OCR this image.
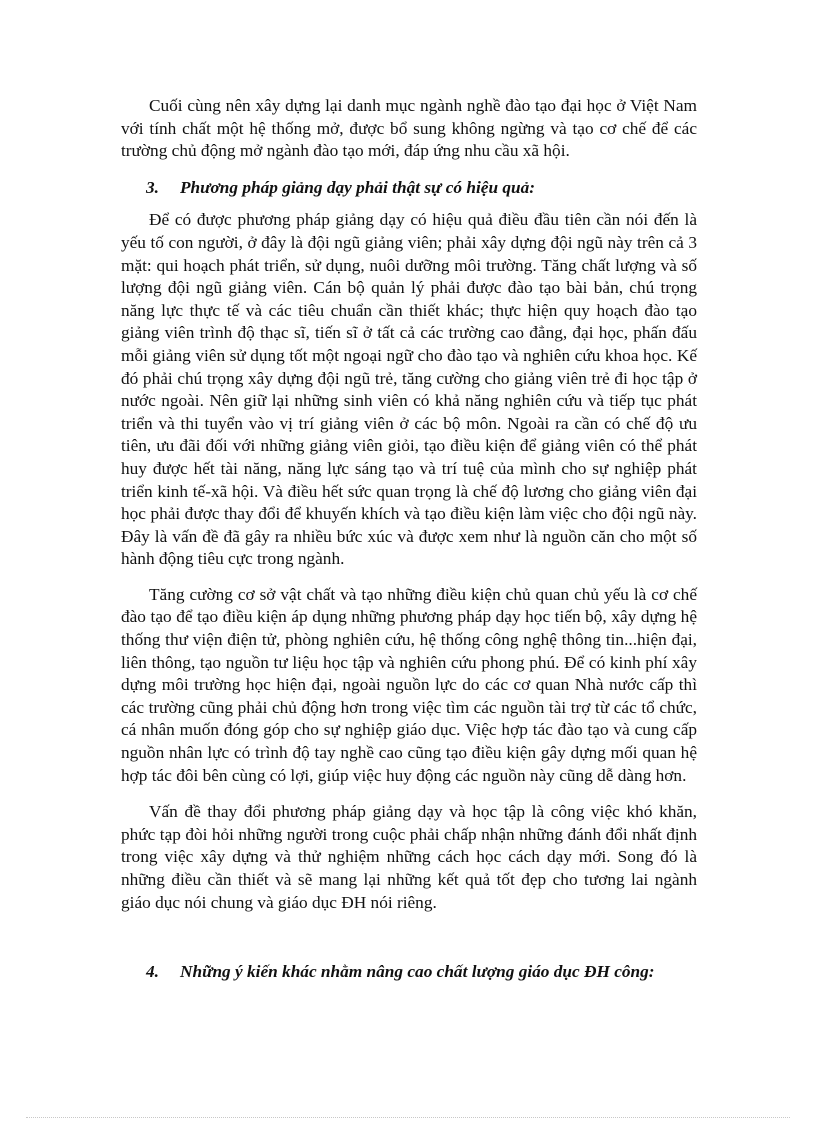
Cuối cùng nên xây dựng lại danh mục ngành nghề đào tạo đại học ở Việt Nam với tính chất một hệ thống mở, được bổ sung không ngừng và tạo cơ chế để các trường chủ động mở ngành đào tạo mới, đáp ứng nhu cầu xã hội.

3. Phương pháp giảng dạy phải thật sự có hiệu quả:

Để có được phương pháp giảng dạy có hiệu quả điều đầu tiên cần nói đến là yếu tố con người, ở đây là đội ngũ giảng viên; phải xây dựng đội ngũ này trên cả 3 mặt: qui hoạch phát triển, sử dụng, nuôi dưỡng môi trường. Tăng chất lượng và số lượng đội ngũ giảng viên. Cán bộ quản lý phải được đào tạo bài bản, chú trọng năng lực thực tế và các tiêu chuẩn cần thiết khác; thực hiện quy hoạch đào tạo giảng viên trình độ thạc sĩ, tiến sĩ ở tất cả các trường cao đẳng, đại học, phấn đấu mỗi giảng viên sử dụng tốt một ngoại ngữ cho đào tạo và nghiên cứu khoa học. Kế đó phải chú trọng xây dựng đội ngũ trẻ, tăng cường cho giảng viên trẻ đi học tập ở nước ngoài. Nên giữ lại những sinh viên có khả năng nghiên cứu và tiếp tục phát triển và thi tuyển vào vị trí giảng viên ở các bộ môn. Ngoài ra cần có chế độ ưu tiên, ưu đãi đối với những giảng viên giỏi, tạo điều kiện để giảng viên có thể phát huy được hết tài năng, năng lực sáng tạo và trí tuệ của mình cho sự nghiệp phát triển kinh tế-xã hội. Và điều hết sức quan trọng là chế độ lương cho giảng viên đại học phải được thay đổi để khuyến khích và tạo điều kiện làm việc cho đội ngũ này. Đây là vấn đề đã gây ra nhiều bức xúc và được xem như là nguồn căn cho một số hành động tiêu cực trong ngành.

Tăng cường cơ sở vật chất và tạo những điều kiện chủ quan chủ yếu là cơ chế đào tạo để tạo điều kiện áp dụng những phương pháp dạy học tiến bộ, xây dựng hệ thống thư viện điện tử, phòng nghiên cứu, hệ thống công nghệ thông tin...hiện đại, liên thông, tạo nguồn tư liệu học tập và nghiên cứu phong phú. Để có kinh phí xây dựng môi trường học hiện đại, ngoài nguồn lực do các cơ quan Nhà nước cấp thì các trường cũng phải chủ động hơn trong việc tìm các nguồn tài trợ từ các tổ chức, cá nhân muốn đóng góp cho sự nghiệp giáo dục. Việc hợp tác đào tạo và cung cấp nguồn nhân lực có trình độ tay nghề cao cũng tạo điều kiện gây dựng mối quan hệ hợp tác đôi bên cùng có lợi, giúp việc huy động các nguồn này cũng dễ dàng hơn.

Vấn đề thay đổi phương pháp giảng dạy và học tập là công việc khó khăn, phức tạp đòi hỏi những người trong cuộc phải chấp nhận những đánh đổi nhất định trong việc xây dựng và thử nghiệm những cách học cách dạy mới. Song đó là những điều cần thiết và sẽ mang lại những kết quả tốt đẹp cho tương lai ngành giáo dục nói chung và giáo dục ĐH nói riêng.

4. Những ý kiến khác nhằm nâng cao chất lượng giáo dục ĐH công:
